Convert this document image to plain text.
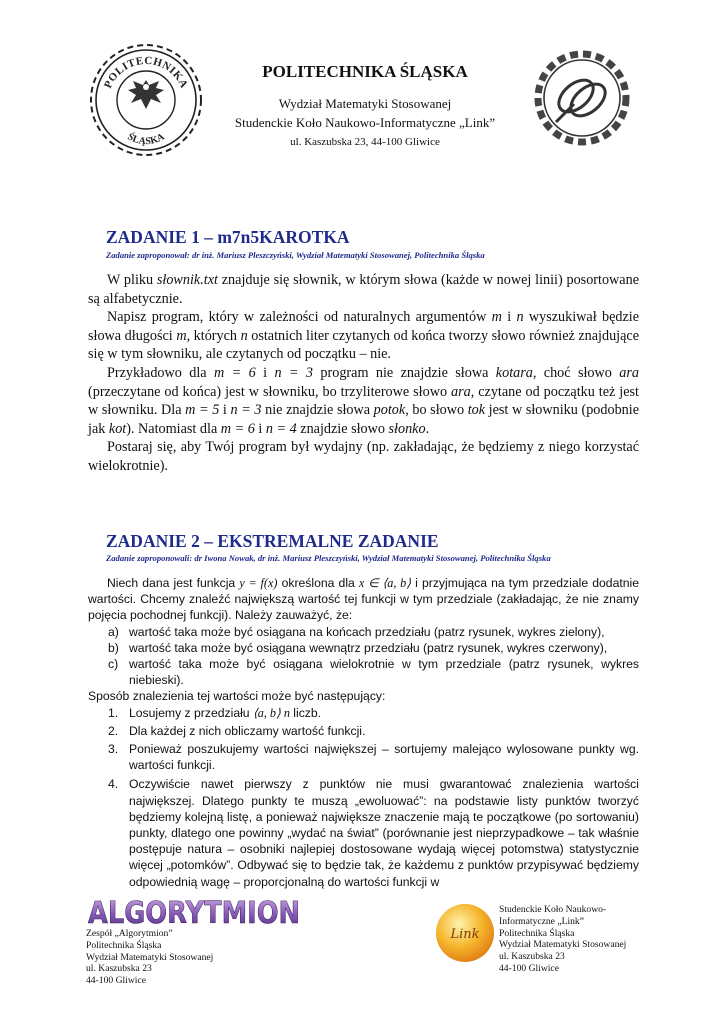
POLITECHNIKA
ŚLĄSKA
POLITECHNIKA ŚLĄSKA
Wydział Matematyki Stosowanej
Studenckie Koło Naukowo-Informatyczne „Link”
ul. Kaszubska 23, 44-100 Gliwice
ZADANIE 1 – m7n5KAROTKA
Zadanie zaproponował: dr inż. Mariusz Pleszczyński, Wydział Matematyki Stosowanej, Politechnika Śląska

W pliku słownik.txt znajduje się słownik, w którym słowa (każde w nowej linii) posortowane są alfabetycznie.

Napisz program, który w zależności od naturalnych argumentów m i n wyszukiwał będzie słowa długości m, których n ostatnich liter czytanych od końca tworzy słowo również znajdujące się w tym słowniku, ale czytanych od początku – nie.

Przykładowo dla m = 6 i n = 3 program nie znajdzie słowa kotara, choć słowo ara (przeczytane od końca) jest w słowniku, bo trzyliterowe słowo ara, czytane od początku też jest w słowniku. Dla m = 5 i n = 3 nie znajdzie słowa potok, bo słowo tok jest w słowniku (podobnie jak kot). Natomiast dla m = 6 i n = 4 znajdzie słowo słonko.

Postaraj się, aby Twój program był wydajny (np. zakładając, że będziemy z niego korzystać wielokrotnie).

ZADANIE 2 – EKSTREMALNE ZADANIE
Zadanie zaproponowali: dr Iwona Nowak, dr inż. Mariusz Pleszczyński, Wydział Matematyki Stosowanej, Politechnika Śląska

Niech dana jest funkcja y = f(x) określona dla x ∈ ⟨a, b⟩ i przyjmująca na tym przedziale dodatnie wartości. Chcemy znaleźć największą wartość tej funkcji w tym przedziale (zakładając, że nie znamy pojęcia pochodnej funkcji). Należy zauważyć, że:

a) wartość taka może być osiągana na końcach przedziału (patrz rysunek, wykres zielony),
b) wartość taka może być osiągana wewnątrz przedziału (patrz rysunek, wykres czerwony),
c) wartość taka może być osiągana wielokrotnie w tym przedziale (patrz rysunek, wykres niebieski).

Sposób znalezienia tej wartości może być następujący:

1. Losujemy z przedziału ⟨a, b⟩ n liczb.
2. Dla każdej z nich obliczamy wartość funkcji.
3. Ponieważ poszukujemy wartości największej – sortujemy malejąco wylosowane punkty wg. wartości funkcji.
4. Oczywiście nawet pierwszy z punktów nie musi gwarantować znalezienia wartości największej. Dlatego punkty te muszą „ewoluować”: na podstawie listy punktów tworzyć będziemy kolejną listę, a ponieważ największe znaczenie mają te początkowe (po sortowaniu) punkty, dlatego one powinny „wydać na świat” (porównanie jest nieprzypadkowe – tak właśnie postępuje natura – osobniki najlepiej dostosowane wydają więcej potomstwa) statystycznie więcej „potomków”. Odbywać się to będzie tak, że każdemu z punktów przypisywać będziemy odpowiednią wagę – proporcjonalną do wartości funkcji w
ALGORYTMION
Zespół „Algorytmion”
Politechnika Śląska
Wydział Matematyki Stosowanej
ul. Kaszubska 23
44-100 Gliwice
Link
Studenckie Koło Naukowo-
Informatyczne „Link”
Politechnika Śląska
Wydział Matematyki Stosowanej
ul. Kaszubska 23
44-100 Gliwice
